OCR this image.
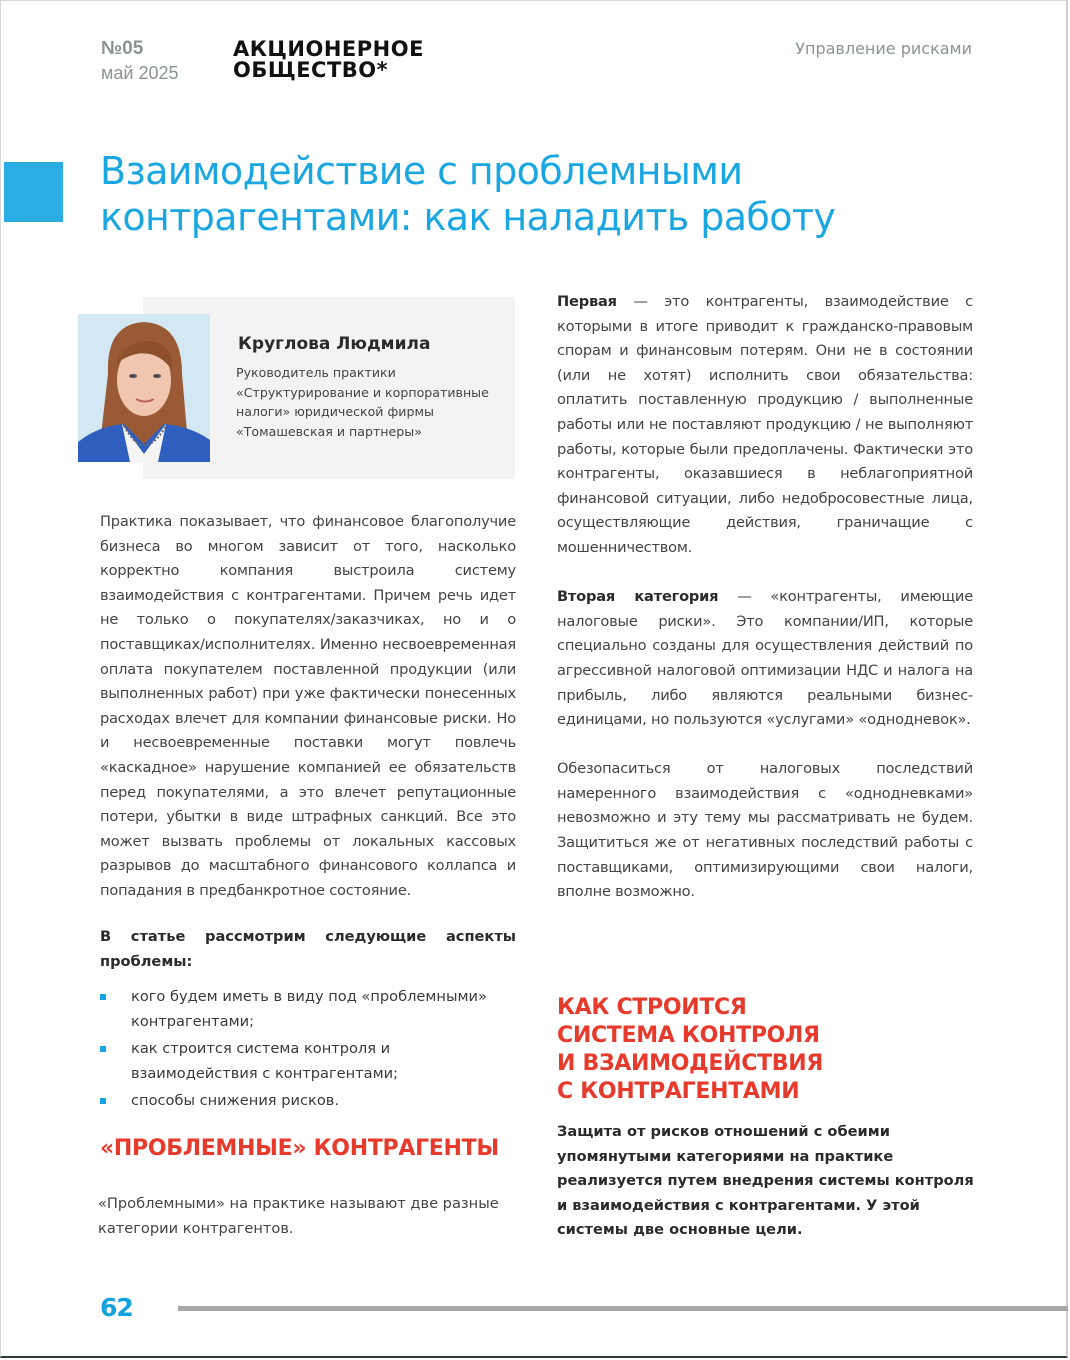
№05
май 2025
АКЦИОНЕРНОЕ
ОБЩЕСТВО*
Управление рисками
Взаимодействие с проблемными
контрагентами: как наладить работу
Круглова Людмила
Руководитель практики
«Структурирование и корпоративные
налоги» юридической фирмы
«Томашевская и партнеры»

Практика показывает, что финансовое благополучие бизнеса во многом зависит от того, насколько корректно компания выстроила систему взаимодействия с контрагентами. Причем речь идет не только о покупателях/заказчиках, но и о поставщиках/исполнителях. Именно несвоевременная оплата покупателем поставленной продукции (или выполненных работ) при уже фактически понесенных расходах влечет для компании финансовые риски. Но и несвоевременные поставки могут повлечь «каскадное» нарушение компанией ее обязательств перед покупателями, а это влечет репутационные потери, убытки в виде штрафных санкций. Все это может вызвать проблемы от локальных кассовых разрывов до масштабного финансового коллапса и попадания в предбанкротное состояние.

В статье рассмотрим следующие аспекты проблемы:
кого будем иметь в виду под «проблемными» контрагентами;
как строится система контроля и взаимодействия с контрагентами;
способы снижения рисков.
«ПРОБЛЕМНЫЕ» КОНТРАГЕНТЫ

«Проблемными» на практике называют две разные категории контрагентов.

Первая — это контрагенты, взаимодействие с которыми в итоге приводит к гражданско-правовым спорам и финансовым потерям. Они не в состоянии (или не хотят) исполнить свои обязательства: оплатить поставленную продукцию / выполненные работы или не поставляют продукцию / не выполняют работы, которые были предоплачены. Фактически это контрагенты, оказавшиеся в неблагоприятной финансовой ситуации, либо недобросовестные лица, осуществляющие действия, граничащие с мошенничеством.

Вторая категория — «контрагенты, имеющие налоговые риски». Это компании/ИП, которые специально созданы для осуществления действий по агрессивной налоговой оптимизации НДС и налога на прибыль, либо являются реальными бизнес-единицами, но пользуются «услугами» «однодневок».

Обезопаситься от налоговых последствий намеренного взаимодействия с «однодневками» невозможно и эту тему мы рассматривать не будем. Защититься же от негативных последствий работы с поставщиками, оптимизирующими свои налоги, вполне возможно.

КАК СТРОИТСЯ
СИСТЕМА КОНТРОЛЯ
И ВЗАИМОДЕЙСТВИЯ
С КОНТРАГЕНТАМИ

Защита от рисков отношений с обеими упомянутыми категориями на практике реализуется путем внедрения системы контроля и взаимодействия с контрагентами. У этой системы две основные цели.

62
